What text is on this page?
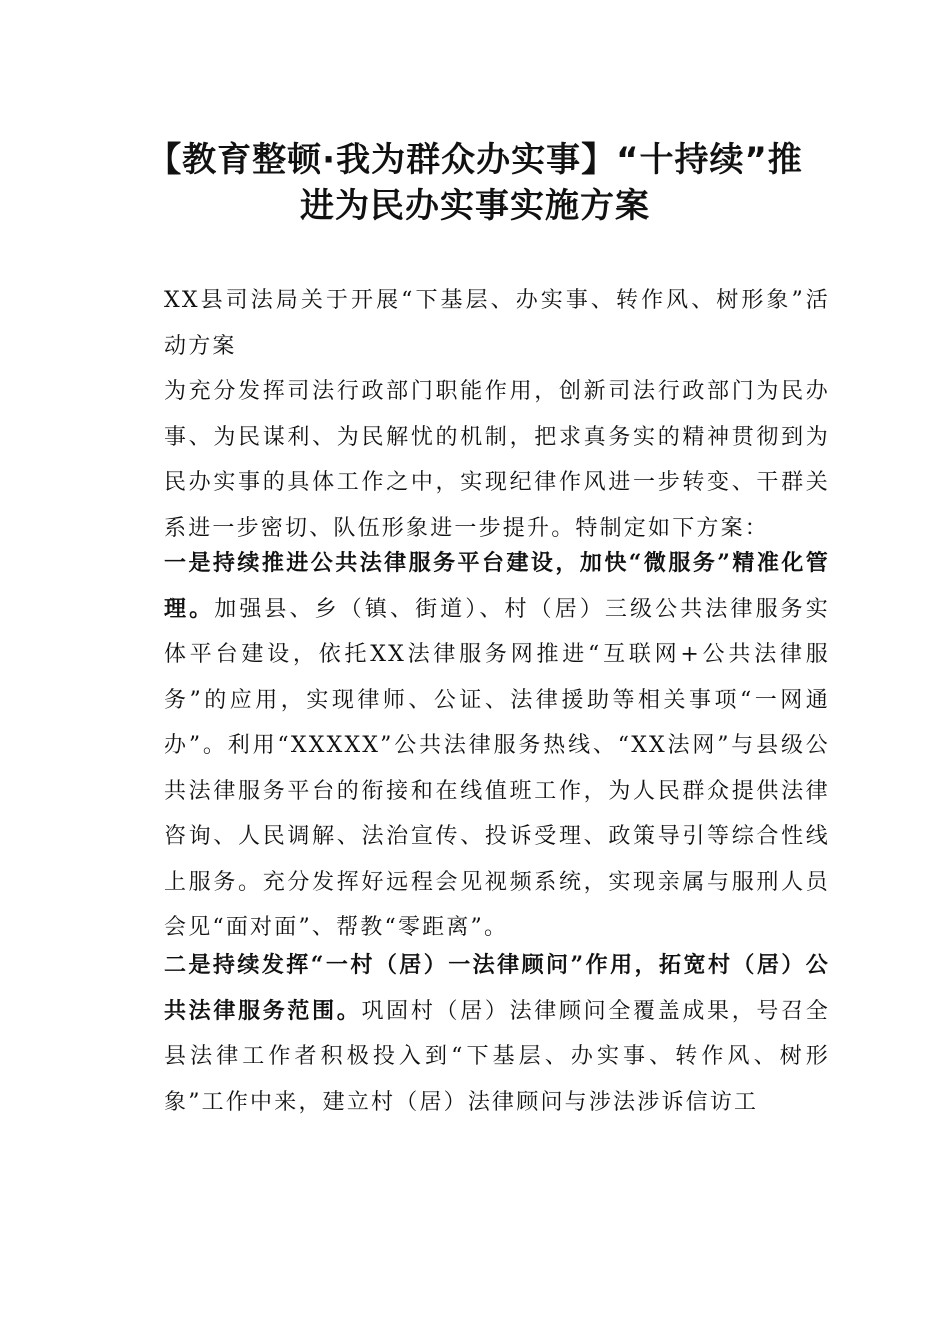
【教育整顿·我为群众办实事】“十持续”推
进为民办实事实施方案

XX县司法局关于开展“下基层、办实事、转作风、树形象”活动方案

为充分发挥司法行政部门职能作用，创新司法行政部门为民办事、为民谋利、为民解忧的机制，把求真务实的精神贯彻到为民办实事的具体工作之中，实现纪律作风进一步转变、干群关系进一步密切、队伍形象进一步提升。特制定如下方案：

一是持续推进公共法律服务平台建设，加快“微服务”精准化管理。加强县、乡（镇、街道）、村（居）三级公共法律服务实体平台建设，依托XX法律服务网推进“互联网+公共法律服务”的应用，实现律师、公证、法律援助等相关事项“一网通办”。利用“XXXXX”公共法律服务热线、“XX法网”与县级公共法律服务平台的衔接和在线值班工作，为人民群众提供法律咨询、人民调解、法治宣传、投诉受理、政策导引等综合性线上服务。充分发挥好远程会见视频系统，实现亲属与服刑人员会见“面对面”、帮教“零距离”。

二是持续发挥“一村（居）一法律顾问”作用，拓宽村（居）公共法律服务范围。巩固村（居）法律顾问全覆盖成果，号召全县法律工作者积极投入到“下基层、办实事、转作风、树形象”工作中来，建立村（居）法律顾问与涉法涉诉信访工
